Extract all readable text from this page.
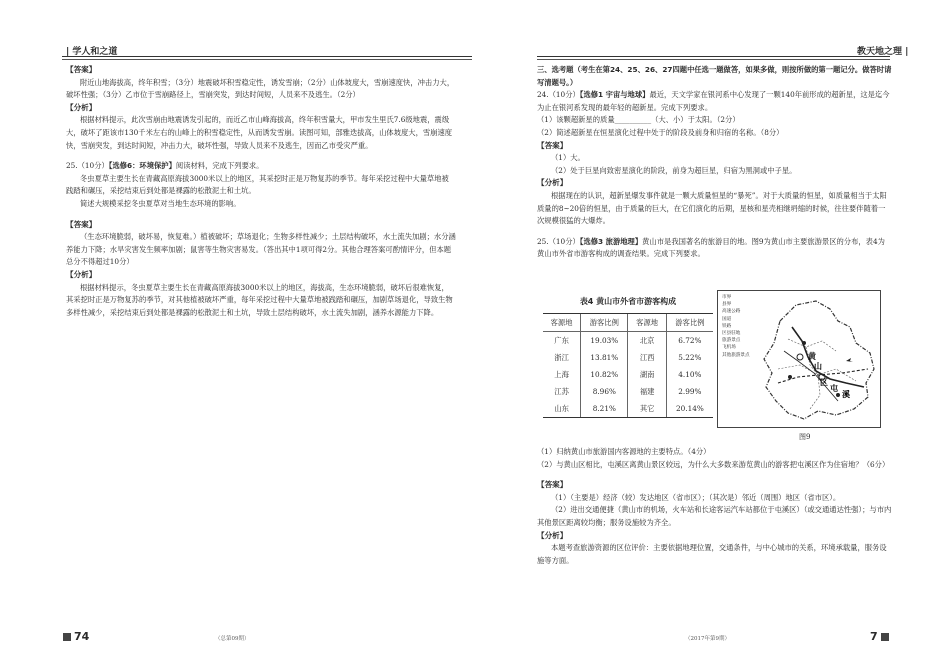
| 学人和之道

【答案】

附近山地海拔高，终年积雪；（3分）地震破坏积雪稳定性，诱发雪崩；（2分）山体坡度大，雪崩速度快，冲击力大，破坏性强；（3分）乙市位于雪崩路径上，雪崩突发，到达时间短，人员来不及逃生。（2分）

【分析】

根据材料提示，此次雪崩由地震诱发引起的，而近乙市山峰海拔高，终年积雪量大，甲市发生里氏7.6级地震，震级大，破坏了距该市130千米左右的山峰上的积雪稳定性，从而诱发雪崩。读图可知，部雅迭拔高，山体坡度大，雪崩速度快，雪崩突发，到达时间短，冲击力大，破坏性强，导致人员来不及逃生，因而乙市受灾严重。

25.（10分）【选修6：环境保护】阅读材料，完成下列要求。

冬虫夏草主要生长在青藏高原海拔3000米以上的地区，其采挖时正是万物复苏的季节。每年采挖过程中大量草地被践踏和碾压，采挖结束后到处都是裸露的松散泥土和土坑。

简述大规模采挖冬虫夏草对当地生态环境的影响。

【答案】

（生态环境脆弱，破坏易，恢复难。）植被破坏；草场退化；生物多样性减少；土层结构破坏，水土流失加剧；水分涵养能力下降；水旱灾害发生频率加剧；鼠害等生物灾害易发。（答出其中1项可得2分。其他合理答案可酌情评分，但本题总分不得超过10分）

【分析】

根据材料提示，冬虫夏草主要生长在青藏高原海拔3000米以上的地区，海拔高，生态环境脆弱，破坏后很难恢复，其采挖时正是万物复苏的季节，对其他植被破坏严重，每年采挖过程中大量草地被践踏和碾压，加剧草场退化，导致生物多样性减少，采挖结束后到处都是裸露的松散泥土和土坑，导致土层结构破坏，水土流失加剧，涵养水源能力下降。

74	（总第09期）
教天地之理 |

三、选考题（考生在第24、25、26、27四题中任选一题做答，如果多做，则按所做的第一题记分。做答时请写清题号。）

24.（10分）【选修1 宇宙与地球】最近，天文学家在银河系中心发现了一颗140年前形成的超新星，这是迄今为止在银河系发现的最年轻的超新星。完成下列要求。

（1）该颗超新星的质量__________（大、小）于太阳。（2分）

（2）简述超新星在恒星演化过程中处于的阶段及前身和归宿的名称。（8分）

【答案】

（1）大。

（2）处于巨星向致密星演化的阶段，前身为超巨星，归宿为黑洞或中子星。

【分析】

根据现在的认识，超新星爆发事件就是一颗大质量恒星的“暴死”。对于大质量的恒星，如质量相当于太阳质量的8~20倍的恒星，由于质量的巨大，在它们演化的后期，星核和星壳相继坍缩的时候，往往要伴随着一次规模很猛的大爆炸。

25.（10分）【选修3 旅游地理】黄山市是我国著名的旅游目的地。图9为黄山市主要旅游景区的分布，表4为黄山市外省市游客构成的调查结果。完成下列要求。

表4 黄山市外省市游客构成
客源地	游客比例	客源地	游客比例
广东	19.03%	北京	6.72%
浙江	13.81%	江西	5.22%
上海	10.82%	湖南	4.10%
江苏	8.96%	福建	2.99%
山东	8.21%	其它	20.14%
市界
县界
高速公路
国道
铁路
区县驻地
旅游景点
飞机场
其他旅游景点	黄
山
区
屯
溪
图9

（1）归纳黄山市旅游国内客源地的主要特点。（4分）

（2）与黄山区相比，屯溪区离黄山景区较远，为什么大多数来游览黄山的游客把屯溪区作为住宿地？（6分）

【答案】

（1）（主要是）经济（较）发达地区（省市区）；（其次是）邻近（周围）地区（省市区）。

（2）进出交通便捷（黄山市的机场，火车站和长途客运汽车站都位于屯溪区）（或交通通达性强）；与市内其他景区距离较均衡；服务设施较为齐全。

【分析】

本题考查旅游资源的区位评价：主要依据地理位置，交通条件，与中心城市的关系，环境承载量，服务设施等方面。

（2017年第9期）	7
